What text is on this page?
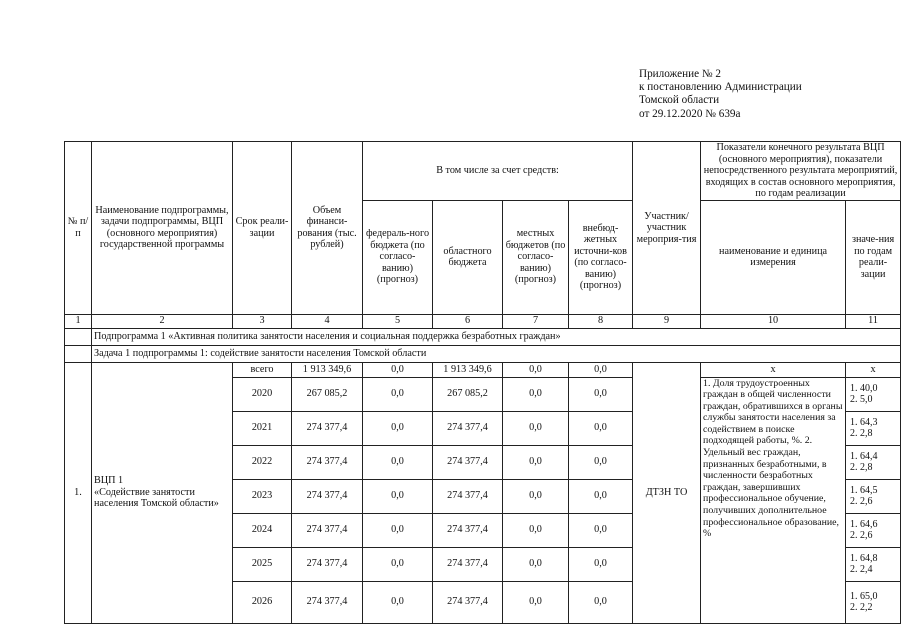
Приложение № 2
к постановлению Администрации
Томской области
от 29.12.2020 № 639а
№ п/п	Наименование подпрограммы, задачи подпрограммы, ВЦП (основного мероприятия) государственной программы	Срок реали-зации	Объем финанси-рования (тыс. рублей)	В том числе за счет средств:				Участник/ участник мероприя-тия	Показатели конечного результата ВЦП (основного мероприятия), показатели непосредственного результата мероприятий, входящих в состав основного мероприятия, по годам реализации	
				федераль-ного бюджета (по согласо-ванию) (прогноз)	областного бюджета	местных бюджетов (по согласо-ванию) (прогноз)	внебюд-жетных источни-ков (по согласо-ванию) (прогноз)		наименование и единица измерения	значе-ния по годам реали-зации
1	2	3	4	5	6	7	8	9	10	11
	Подпрограмма 1 «Активная политика занятости населения и социальная поддержка безработных граждан»									
	Задача 1 подпрограммы 1: содействие занятости населения Томской области									
1.	ВЦП 1
«Содействие занятости населения Томской области»	всего	1 913 349,6	0,0	1 913 349,6	0,0	0,0	ДТЗН ТО	х	х
		2020	267 085,2	0,0	267 085,2	0,0	0,0		1. Доля трудоустроенных граждан в общей численности граждан, обратившихся в органы службы занятости населения за содействием в поиске подходящей работы, %. 2. Удельный вес граждан, признанных безработными, в численности безработных граждан, завершивших профессиональное обучение, получивших дополнительное профессиональное образование, %	1. 40,0
2. 5,0

		2021	274 377,4	0,0	274 377,4	0,0	0,0			1. 64,3
2. 2,8

		2022	274 377,4	0,0	274 377,4	0,0	0,0			1. 64,4
2. 2,8

		2023	274 377,4	0,0	274 377,4	0,0	0,0			1. 64,5
2. 2,6

		2024	274 377,4	0,0	274 377,4	0,0	0,0			1. 64,6
2. 2,6

		2025	274 377,4	0,0	274 377,4	0,0	0,0			1. 64,8
2. 2,4

		2026	274 377,4	0,0	274 377,4	0,0	0,0			1. 65,0
2. 2,2
